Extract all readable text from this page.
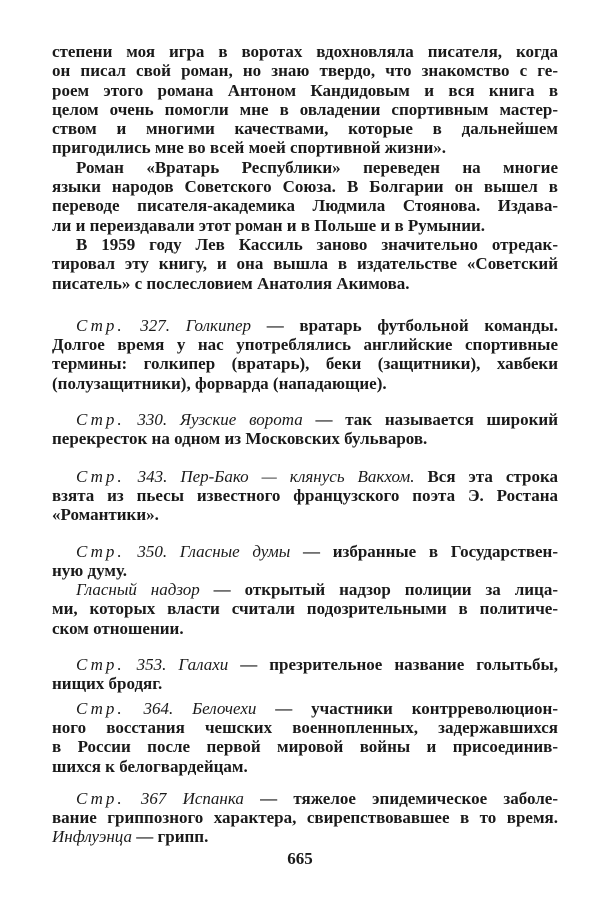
степени моя игра в воротах вдохновляла писателя, когда
он писал свой роман, но знаю твердо, что знакомство с ге-
роем этого романа Антоном Кандидовым и вся книга в
целом очень помогли мне в овладении спортивным мастер-
ством и многими качествами, которые в дальнейшем
пригодились мне во всей моей спортивной жизни».
Роман «Вратарь Республики» переведен на многие
языки народов Советского Союза. В Болгарии он вышел в
переводе писателя-академика Людмила Стоянова. Издава-
ли и переиздавали этот роман и в Польше и в Румынии.
В 1959 году Лев Кассиль заново значительно отредак-
тировал эту книгу, и она вышла в издательстве «Советский
писатель» с послесловием Анатолия Акимова.
Стр. 327. Голкипер — вратарь футбольной команды.
Долгое время у нас употреблялись английские спортивные
термины: голкипер (вратарь), беки (защитники), хавбеки
(полузащитники), форварда (нападающие).
Стр. 330. Яузские ворота — так называется широкий
перекресток на одном из Московских бульваров.
Стр. 343. Пер-Бако — клянусь Вакхом. Вся эта строка
взята из пьесы известного французского поэта Э. Ростана
«Романтики».
Стр. 350. Гласные думы — избранные в Государствен-
ную думу.
Гласный надзор — открытый надзор полиции за лица-
ми, которых власти считали подозрительными в политиче-
ском отношении.
Стр. 353. Галахи — презрительное название голытьбы,
нищих бродяг.
Стр. 364. Белочехи — участники контрреволюцион-
ного восстания чешских военнопленных, задержавшихся
в России после первой мировой войны и присоединив-
шихся к белогвардейцам.
Стр. 367 Испанка — тяжелое эпидемическое заболе-
вание гриппозного характера, свирепствовавшее в то время.
Инфлуэнца — грипп.
665
